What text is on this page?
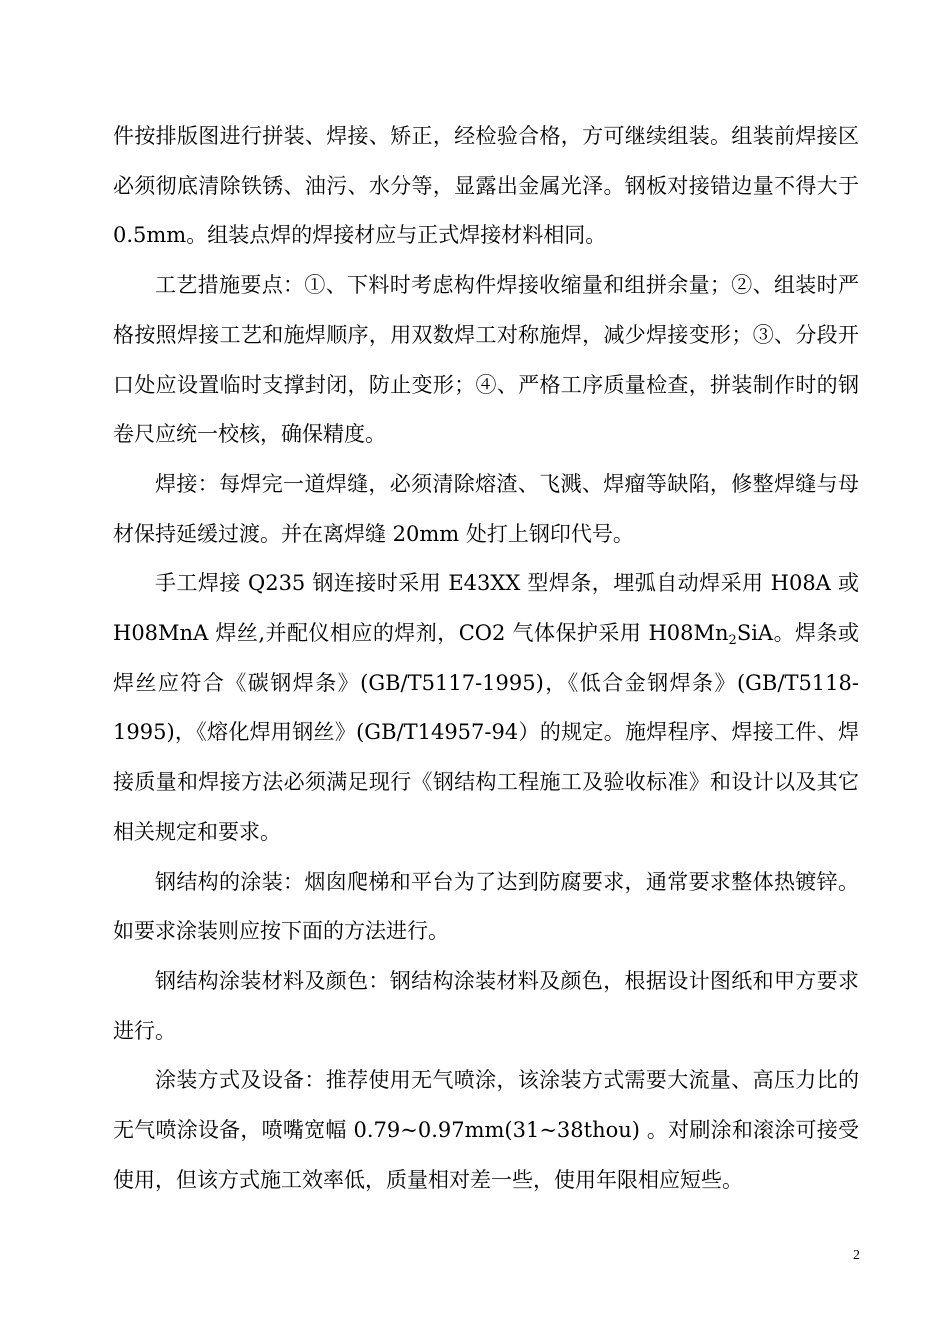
件按排版图进行拼装、焊接、矫正，经检验合格，方可继续组装。组装前焊接区必须彻底清除铁锈、油污、水分等，显露出金属光泽。钢板对接错边量不得大于 0.5mm。组装点焊的焊接材应与正式焊接材料相同。

工艺措施要点：①、下料时考虑构件焊接收缩量和组拼余量；②、组装时严格按照焊接工艺和施焊顺序，用双数焊工对称施焊，减少焊接变形；③、分段开口处应设置临时支撑封闭，防止变形；④、严格工序质量检查，拼装制作时的钢卷尺应统一校核，确保精度。

焊接：每焊完一道焊缝，必须清除熔渣、飞溅、焊瘤等缺陷，修整焊缝与母材保持延缓过渡。并在离焊缝 20mm 处打上钢印代号。

手工焊接 Q235 钢连接时采用 E43XX 型焊条，埋弧自动焊采用 H08A 或 H08MnA 焊丝,并配仪相应的焊剂，CO2 气体保护采用 $H08Mn_2SiA$。焊条或焊丝应符合《碳钢焊条》(GB/T5117-1995)，《低合金钢焊条》(GB/T5118-1995)，《熔化焊用钢丝》(GB/T14957-94）的规定。施焊程序、焊接工件、焊接质量和焊接方法必须满足现行《钢结构工程施工及验收标准》和设计以及其它相关规定和要求。

钢结构的涂装：烟囱爬梯和平台为了达到防腐要求，通常要求整体热镀锌。如要求涂装则应按下面的方法进行。

钢结构涂装材料及颜色：钢结构涂装材料及颜色，根据设计图纸和甲方要求进行。

涂装方式及设备：推荐使用无气喷涂，该涂装方式需要大流量、高压力比的无气喷涂设备，喷嘴宽幅 0.79~0.97mm(31~38thou) 。对刷涂和滚涂可接受使用，但该方式施工效率低，质量相对差一些，使用年限相应短些。

2
